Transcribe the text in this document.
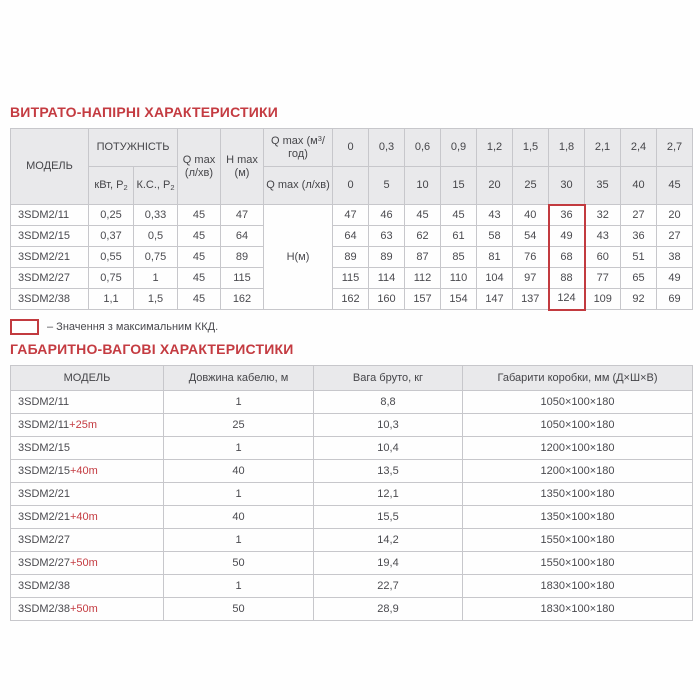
ВИТРАТО-НАПІРНІ ХАРАКТЕРИСТИКИ
МОДЕЛЬ	ПОТУЖНІСТЬ		Q max (л/хв)	H max (м)	Q $\max (м^3/год)$	0	0,3	0,6	0,9	1,2	1,5	1,8	2,1	2,4	2,7
	кВт, $Р_2$	К.С., $Р_2$			Q max (л/хв)	0	5	10	15	20	25	30	35	40	45
3SDM2/11	0,25	0,33	45	47	Н(м)	47	46	45	45	43	40	36	32	27	20
3SDM2/15	0,37	0,5	45	64		64	63	62	61	58	54	49	43	36	27
3SDM2/21	0,55	0,75	45	89		89	89	87	85	81	76	68	60	51	38
3SDM2/27	0,75	1	45	115		115	114	112	110	104	97	88	77	65	49
3SDM2/38	1,1	1,5	45	162		162	160	157	154	147	137	124	109	92	69
– Значення з максимальним ККД.
ГАБАРИТНО-ВАГОВІ ХАРАКТЕРИСТИКИ
МОДЕЛЬ	Довжина кабелю, м	Вага бруто, кг	Габарити коробки, мм (Д×Ш×В)
3SDM2/11	1	8,8	1050×100×180
3SDM2/11+25m	25	10,3	1050×100×180
3SDM2/15	1	10,4	1200×100×180
3SDM2/15+40m	40	13,5	1200×100×180
3SDM2/21	1	12,1	1350×100×180
3SDM2/21+40m	40	15,5	1350×100×180
3SDM2/27	1	14,2	1550×100×180
3SDM2/27+50m	50	19,4	1550×100×180
3SDM2/38	1	22,7	1830×100×180
3SDM2/38+50m	50	28,9	1830×100×180
